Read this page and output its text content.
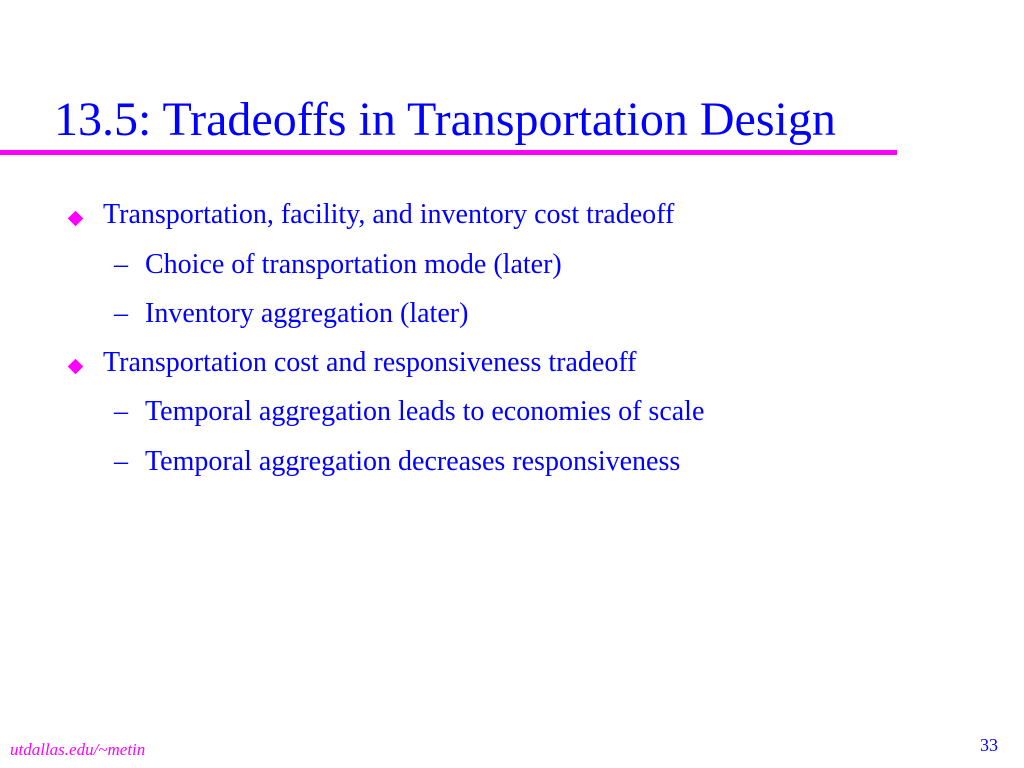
13.5: Tradeoffs in Transportation Design
Transportation, facility, and inventory cost tradeoff
– Choice of transportation mode (later)
– Inventory aggregation (later)
Transportation cost and responsiveness tradeoff
– Temporal aggregation leads to economies of scale
– Temporal aggregation decreases responsiveness
utdallas.edu/~metin	33
